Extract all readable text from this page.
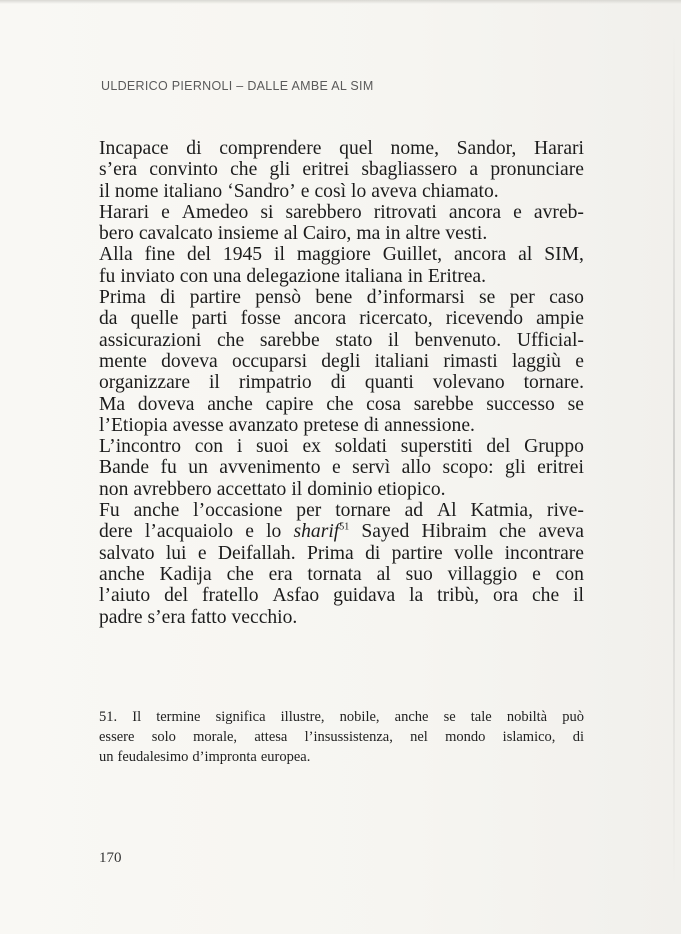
ULDERICO PIERNOLI – DALLE AMBE AL SIM
Incapace di comprendere quel nome, Sandor, Harari
s’era convinto che gli eritrei sbagliassero a pronunciare
il nome italiano ‘Sandro’ e così lo aveva chiamato.
Harari e Amedeo si sarebbero ritrovati ancora e avreb-
bero cavalcato insieme al Cairo, ma in altre vesti.
Alla fine del 1945 il maggiore Guillet, ancora al SIM,
fu inviato con una delegazione italiana in Eritrea.
Prima di partire pensò bene d’informarsi se per caso
da quelle parti fosse ancora ricercato, ricevendo ampie
assicurazioni che sarebbe stato il benvenuto. Ufficial-
mente doveva occuparsi degli italiani rimasti laggiù e
organizzare il rimpatrio di quanti volevano tornare.
Ma doveva anche capire che cosa sarebbe successo se
l’Etiopia avesse avanzato pretese di annessione.
L’incontro con i suoi ex soldati superstiti del Gruppo
Bande fu un avvenimento e servì allo scopo: gli eritrei
non avrebbero accettato il dominio etiopico.
Fu anche l’occasione per tornare ad Al Katmia, rive-
dere l’acquaiolo e lo sharif$^{51}$ Sayed Hibraim che aveva
salvato lui e Deifallah. Prima di partire volle incontrare
anche Kadija che era tornata al suo villaggio e con
l’aiuto del fratello Asfao guidava la tribù, ora che il
padre s’era fatto vecchio.
51. Il termine significa illustre, nobile, anche se tale nobiltà può
essere solo morale, attesa l’insussistenza, nel mondo islamico, di
un feudalesimo d’impronta europea.
170
